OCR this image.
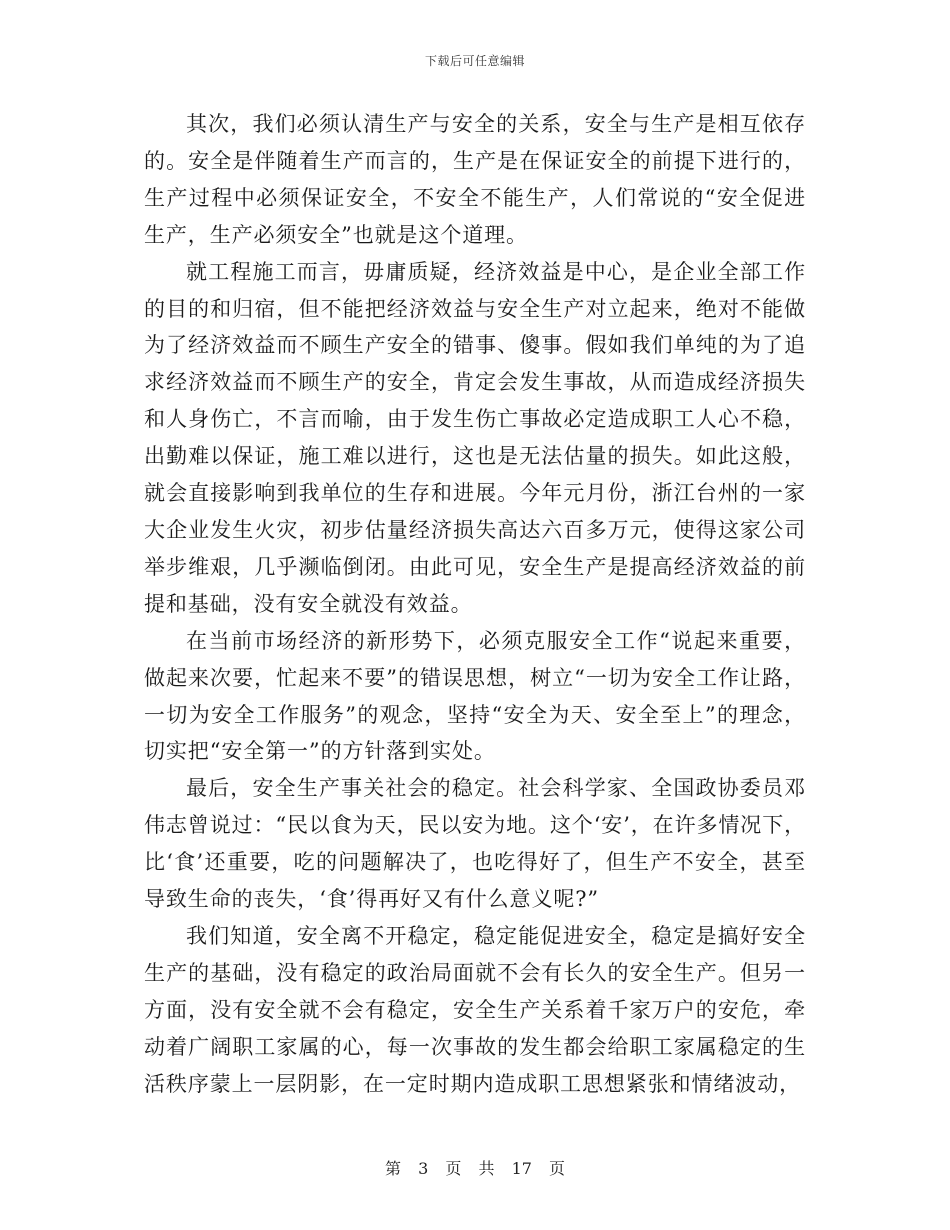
下载后可任意编辑

其次，我们必须认清生产与安全的关系，安全与生产是相互依存的。安全是伴随着生产而言的，生产是在保证安全的前提下进行的，生产过程中必须保证安全，不安全不能生产，人们常说的“安全促进生产，生产必须安全”也就是这个道理。

就工程施工而言，毋庸质疑，经济效益是中心，是企业全部工作的目的和归宿，但不能把经济效益与安全生产对立起来，绝对不能做为了经济效益而不顾生产安全的错事、傻事。假如我们单纯的为了追求经济效益而不顾生产的安全，肯定会发生事故，从而造成经济损失和人身伤亡，不言而喻，由于发生伤亡事故必定造成职工人心不稳，出勤难以保证，施工难以进行，这也是无法估量的损失。如此这般，就会直接影响到我单位的生存和进展。今年元月份，浙江台州的一家大企业发生火灾，初步估量经济损失高达六百多万元，使得这家公司举步维艰，几乎濒临倒闭。由此可见，安全生产是提高经济效益的前提和基础，没有安全就没有效益。

在当前市场经济的新形势下，必须克服安全工作“说起来重要，做起来次要，忙起来不要”的错误思想，树立“一切为安全工作让路，一切为安全工作服务”的观念，坚持“安全为天、安全至上”的理念，切实把“安全第一”的方针落到实处。

最后，安全生产事关社会的稳定。社会科学家、全国政协委员邓伟志曾说过：“民以食为天，民以安为地。这个‘安’，在许多情况下，比‘食’还重要，吃的问题解决了，也吃得好了，但生产不安全，甚至导致生命的丧失，‘食’得再好又有什么意义呢?”

我们知道，安全离不开稳定，稳定能促进安全，稳定是搞好安全生产的基础，没有稳定的政治局面就不会有长久的安全生产。但另一方面，没有安全就不会有稳定，安全生产关系着千家万户的安危，牵动着广阔职工家属的心，每一次事故的发生都会给职工家属稳定的生活秩序蒙上一层阴影，在一定时期内造成职工思想紧张和情绪波动，

第 3 页 共 17 页
